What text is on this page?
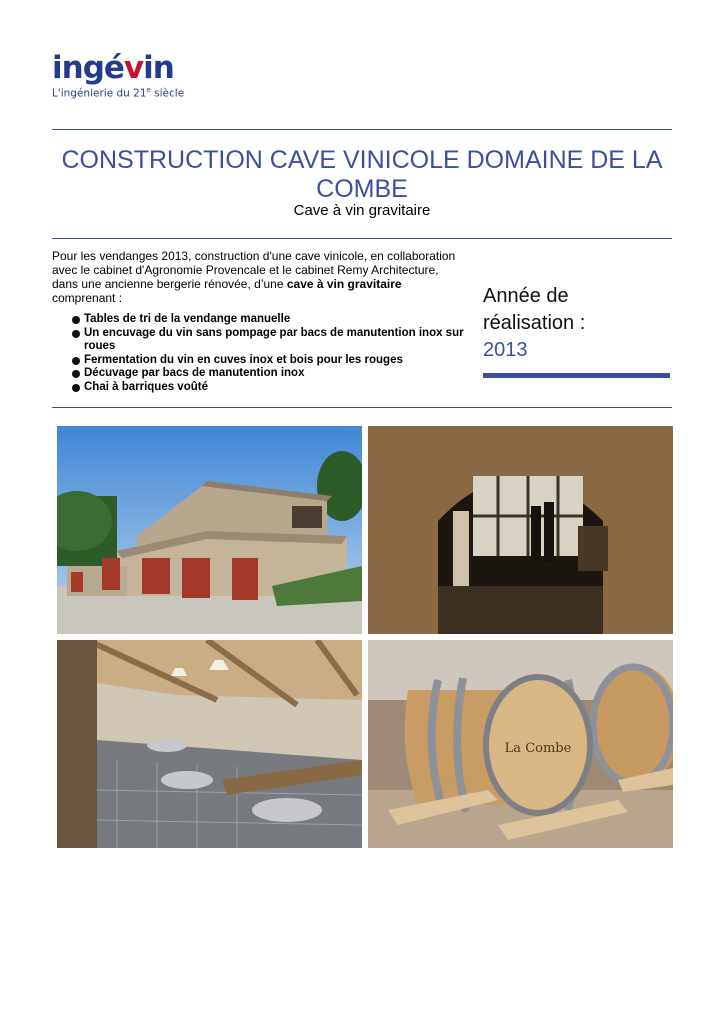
ingévin
L'ingénierie du 21e siècle
CONSTRUCTION CAVE VINICOLE DOMAINE DE LA COMBE
Cave à vin gravitaire
Pour les vendanges 2013, construction d'une cave vinicole, en collaboration avec le cabinet d'Agronomie Provencale et le cabinet Remy Architecture, dans une ancienne bergerie rénovée, d’une cave à vin gravitaire comprenant :
Tables de tri de la vendange manuelle
Un encuvage du vin sans pompage par bacs de manutention inox sur roues
Fermentation du vin en cuves inox et bois pour les rouges
Décuvage par bacs de manutention inox
Chai à barriques voûté
Année de
réalisation :
2013
La Combe
